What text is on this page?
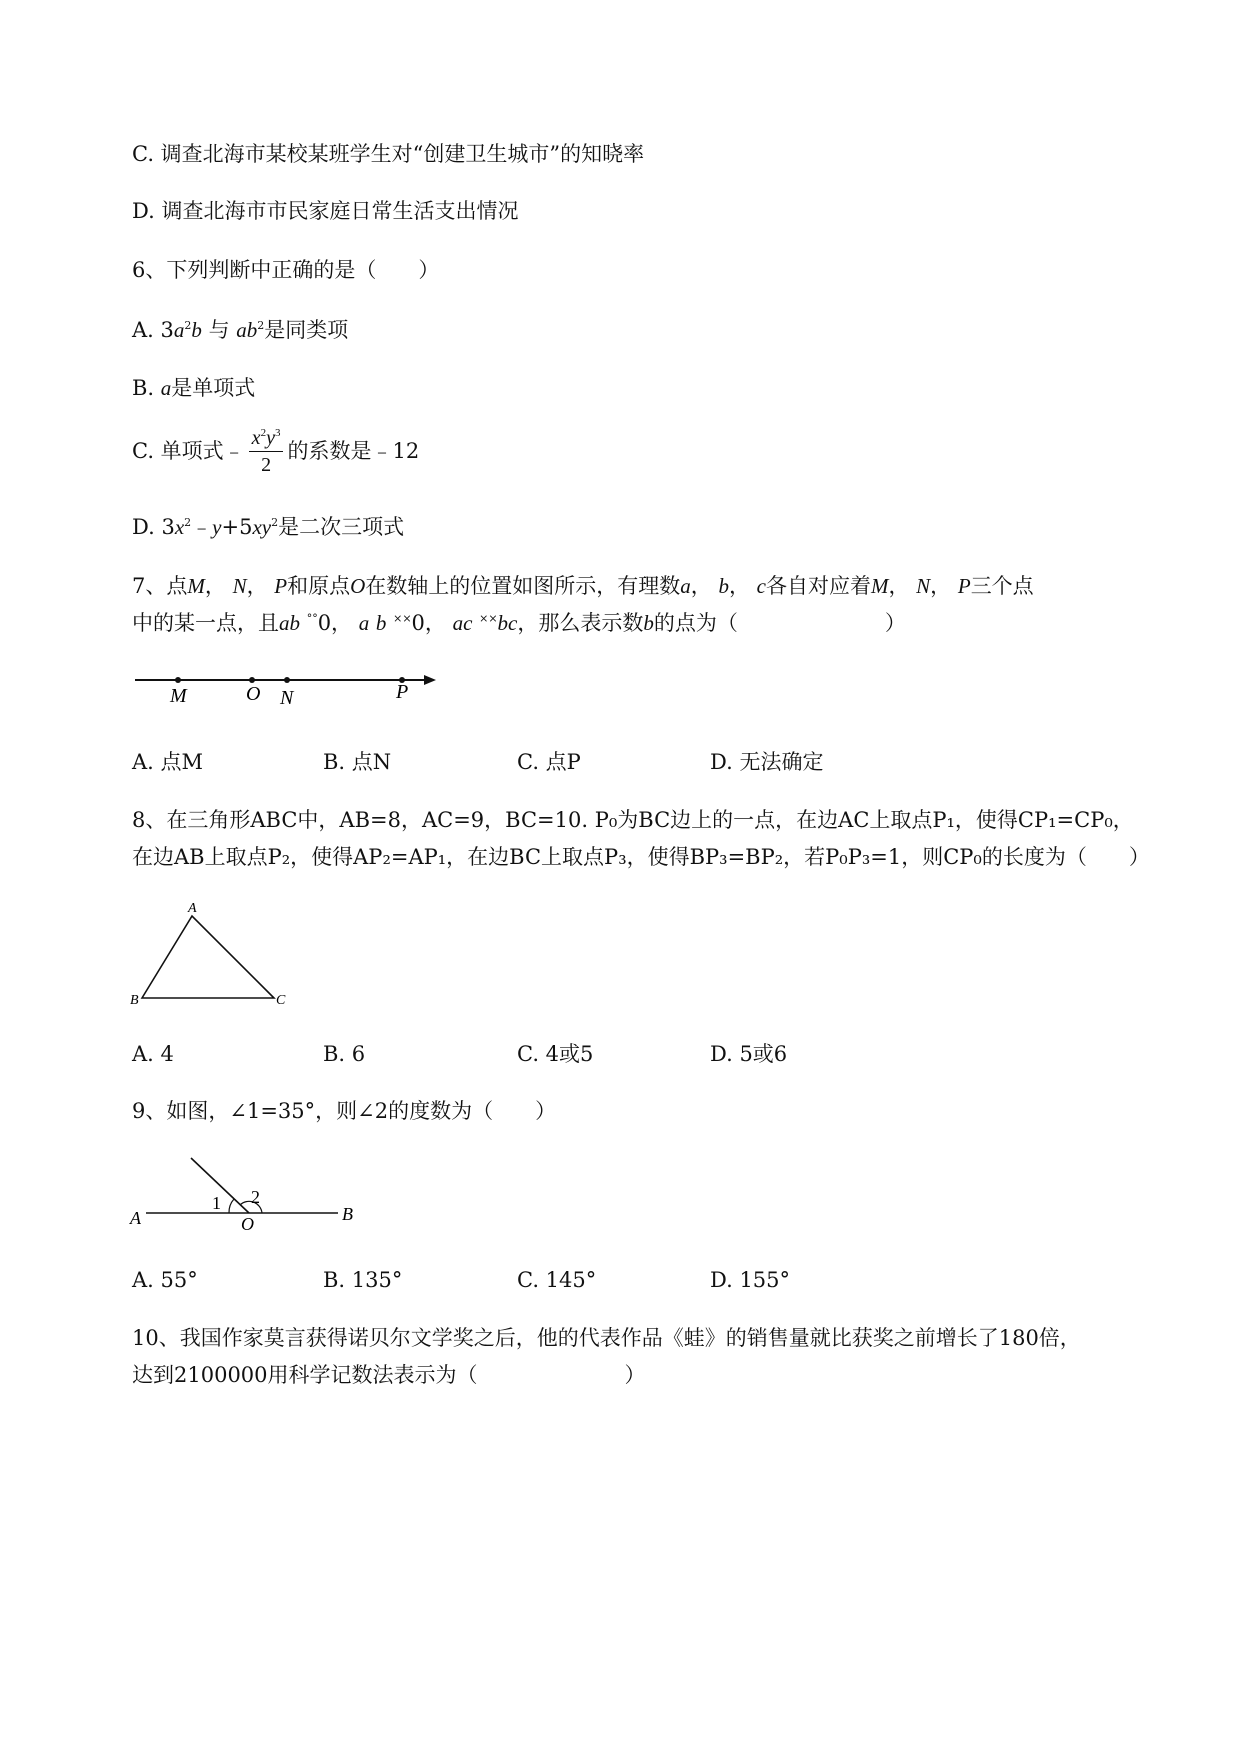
C. 调查北海市某校某班学生对“创建卫生城市”的知晓率
D. 调查北海市市民家庭日常生活支出情况
6、下列判断中正确的是（　　）
A. $3a^2b$ 与 $ab^2$是同类项
B. a是单项式
C. 单项式﹣ $\frac{x^2y^3}{2}$ 的系数是﹣12
D. $3x^2﹣y+5xy^2$是二次三项式
7、点M， N， P和原点O在数轴上的位置如图所示，有理数a， b， c各自对应着M， N， P三个点
中的某一点，且ab °°0， a b ××0， ac ××bc，那么表示数b的点为（　　　　　　　）
M	O N	P
A. 点M	B. 点N	C. 点P	D. 无法确定
8、在三角形ABC中，AB=8，AC=9，BC=10. P₀为BC边上的一点，在边AC上取点P₁，使得CP₁=CP₀，
在边AB上取点P₂，使得AP₂=AP₁，在边BC上取点P₃，使得BP₃=BP₂，若P₀P₃=1，则CP₀的长度为（　　）
A
B	C
A. 4	B. 6	C. 4或5	D. 5或6
9、如图，∠1=35°，则∠2的度数为（　　）
1 2
A	O	B
A. 55°	B. 135°	C. 145°	D. 155°
10、我国作家莫言获得诺贝尔文学奖之后，他的代表作品《蛙》的销售量就比获奖之前增长了180倍，
达到2100000用科学记数法表示为（　　　　　　　）
